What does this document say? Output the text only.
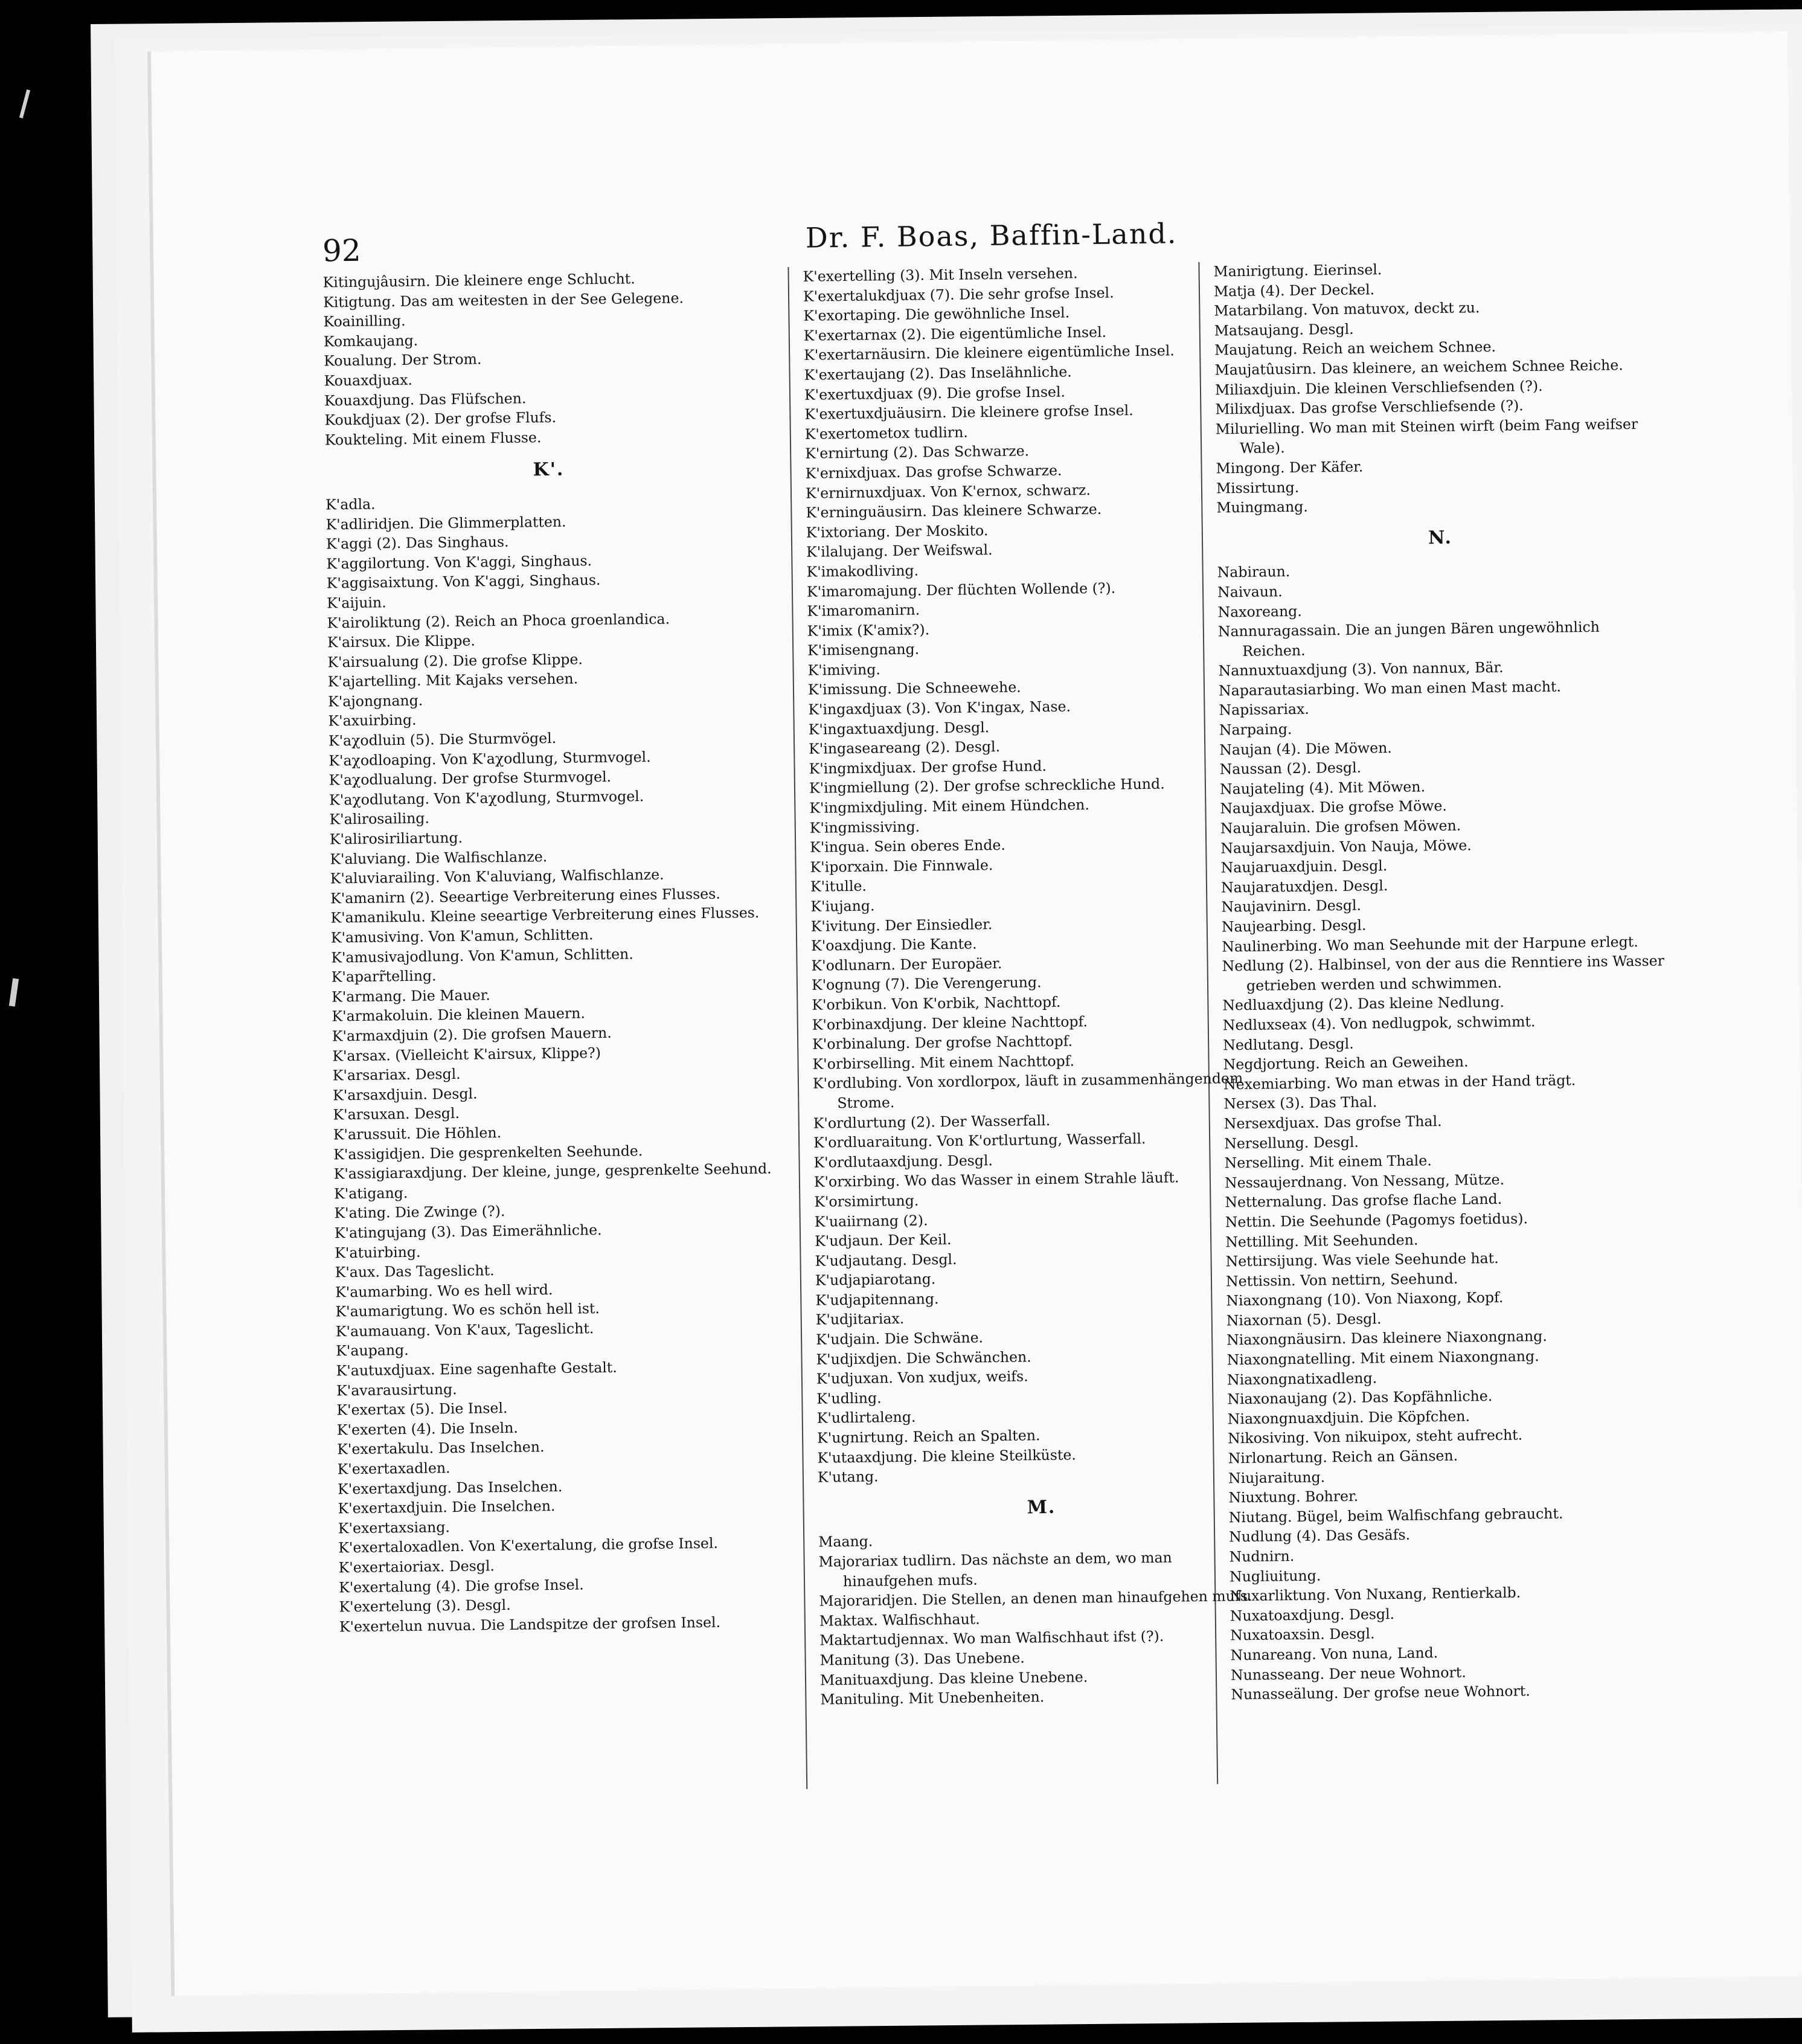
92	Dr. F. Boas, Baffin-Land.

Kitingujâusirn. Die kleinere enge Schlucht.

Kitigtung. Das am weitesten in der See Gelegene.

Koainilling.

Komkaujang.

Koualung. Der Strom.

Kouaxdjuax.

Kouaxdjung. Das Flüfschen.

Koukdjuax (2). Der grofse Flufs.

Koukteling. Mit einem Flusse.

K'.

K'adla.

K'adliridjen. Die Glimmerplatten.

K'aggi (2). Das Singhaus.

K'aggilortung. Von K'aggi, Singhaus.

K'aggisaixtung. Von K'aggi, Singhaus.

K'aijuin.

K'airoliktung (2). Reich an Phoca groenlandica.

K'airsux. Die Klippe.

K'airsualung (2). Die grofse Klippe.

K'ajartelling. Mit Kajaks versehen.

K'ajongnang.

K'axuirbing.

K'aχodluin (5). Die Sturmvögel.

K'aχodloaping. Von K'aχodlung, Sturmvogel.

K'aχodlualung. Der grofse Sturmvogel.

K'aχodlutang. Von K'aχodlung, Sturmvogel.

K'alirosailing.

K'alirosiriliartung.

K'aluviang. Die Walfischlanze.

K'aluviarailing. Von K'aluviang, Walfischlanze.

K'amanirn (2). Seeartige Verbreiterung eines Flusses.

K'amanikulu. Kleine seeartige Verbreiterung eines Flusses.

K'amusiving. Von K'amun, Schlitten.

K'amusivajodlung. Von K'amun, Schlitten.

K'aparr̃telling.

K'armang. Die Mauer.

K'armakoluin. Die kleinen Mauern.

K'armaxdjuin (2). Die grofsen Mauern.

K'arsax. (Vielleicht K'airsux, Klippe?)

K'arsariax. Desgl.

K'arsaxdjuin. Desgl.

K'arsuxan. Desgl.

K'arussuit. Die Höhlen.

K'assigidjen. Die gesprenkelten Seehunde.

K'assigiaraxdjung. Der kleine, junge, gesprenkelte Seehund.

K'atigang.

K'ating. Die Zwinge (?).

K'atingujang (3). Das Eimerähnliche.

K'atuirbing.

K'aux. Das Tageslicht.

K'aumarbing. Wo es hell wird.

K'aumarigtung. Wo es schön hell ist.

K'aumauang. Von K'aux, Tageslicht.

K'aupang.

K'autuxdjuax. Eine sagenhafte Gestalt.

K'avarausirtung.

K'exertax (5). Die Insel.

K'exerten (4). Die Inseln.

K'exertakulu. Das Inselchen.

K'exertaxadlen.

K'exertaxdjung. Das Inselchen.

K'exertaxdjuin. Die Inselchen.

K'exertaxsiang.

K'exertaloxadlen. Von K'exertalung, die grofse Insel.

K'exertaioriax. Desgl.

K'exertalung (4). Die grofse Insel.

K'exertelung (3). Desgl.

K'exertelun nuvua. Die Landspitze der grofsen Insel.

K'exertelling (3). Mit Inseln versehen.

K'exertalukdjuax (7). Die sehr grofse Insel.

K'exortaping. Die gewöhnliche Insel.

K'exertarnax (2). Die eigentümliche Insel.

K'exertarnäusirn. Die kleinere eigentümliche Insel.

K'exertaujang (2). Das Inselähnliche.

K'exertuxdjuax (9). Die grofse Insel.

K'exertuxdjuäusirn. Die kleinere grofse Insel.

K'exertometox tudlirn.

K'ernirtung (2). Das Schwarze.

K'ernixdjuax. Das grofse Schwarze.

K'ernirnuxdjuax. Von K'ernox, schwarz.

K'erninguäusirn. Das kleinere Schwarze.

K'ixtoriang. Der Moskito.

K'ilalujang. Der Weifswal.

K'imakodliving.

K'imaromajung. Der flüchten Wollende (?).

K'imaromanirn.

K'imix (K'amix?).

K'imisengnang.

K'imiving.

K'imissung. Die Schneewehe.

K'ingaxdjuax (3). Von K'ingax, Nase.

K'ingaxtuaxdjung. Desgl.

K'ingaseareang (2). Desgl.

K'ingmixdjuax. Der grofse Hund.

K'ingmiellung (2). Der grofse schreckliche Hund.

K'ingmixdjuling. Mit einem Hündchen.

K'ingmissiving.

K'ingua. Sein oberes Ende.

K'iporxain. Die Finnwale.

K'itulle.

K'iujang.

K'ivitung. Der Einsiedler.

K'oaxdjung. Die Kante.

K'odlunarn. Der Europäer.

K'ognung (7). Die Verengerung.

K'orbikun. Von K'orbik, Nachttopf.

K'orbinaxdjung. Der kleine Nachttopf.

K'orbinalung. Der grofse Nachttopf.

K'orbirselling. Mit einem Nachttopf.

K'ordlubing. Von xordlorpox, läuft in zusammenhängendem Strome.

K'ordlurtung (2). Der Wasserfall.

K'ordluaraitung. Von K'ortlurtung, Wasserfall.

K'ordlutaaxdjung. Desgl.

K'orxirbing. Wo das Wasser in einem Strahle läuft.

K'orsimirtung.

K'uaiirnang (2).

K'udjaun. Der Keil.

K'udjautang. Desgl.

K'udjapiarotang.

K'udjapitennang.

K'udjitariax.

K'udjain. Die Schwäne.

K'udjixdjen. Die Schwänchen.

K'udjuxan. Von xudjux, weifs.

K'udling.

K'udlirtaleng.

K'ugnirtung. Reich an Spalten.

K'utaaxdjung. Die kleine Steilküste.

K'utang.

M.

Maang.

Majorariax tudlirn. Das nächste an dem, wo man hinaufgehen mufs.

Majoraridjen. Die Stellen, an denen man hinaufgehen mufs.

Maktax. Walfischhaut.

Maktartudjennax. Wo man Walfischhaut ifst (?).

Manitung (3). Das Unebene.

Manituaxdjung. Das kleine Unebene.

Manituling. Mit Unebenheiten.

Manirigtung. Eierinsel.

Matja (4). Der Deckel.

Matarbilang. Von matuvox, deckt zu.

Matsaujang. Desgl.

Maujatung. Reich an weichem Schnee.

Maujatûusirn. Das kleinere, an weichem Schnee Reiche.

Miliaxdjuin. Die kleinen Verschliefsenden (?).

Milixdjuax. Das grofse Verschliefsende (?).

Milurielling. Wo man mit Steinen wirft (beim Fang weifser Wale).

Mingong. Der Käfer.

Missirtung.

Muingmang.

N.

Nabiraun.

Naivaun.

Naxoreang.

Nannuragassain. Die an jungen Bären ungewöhnlich Reichen.

Nannuxtuaxdjung (3). Von nannux, Bär.

Naparautasiarbing. Wo man einen Mast macht.

Napissariax.

Narpaing.

Naujan (4). Die Möwen.

Naussan (2). Desgl.

Naujateling (4). Mit Möwen.

Naujaxdjuax. Die grofse Möwe.

Naujaraluin. Die grofsen Möwen.

Naujarsaxdjuin. Von Nauja, Möwe.

Naujaruaxdjuin. Desgl.

Naujaratuxdjen. Desgl.

Naujavinirn. Desgl.

Naujearbing. Desgl.

Naulinerbing. Wo man Seehunde mit der Harpune erlegt.

Nedlung (2). Halbinsel, von der aus die Renntiere ins Wasser getrieben werden und schwimmen.

Nedluaxdjung (2). Das kleine Nedlung.

Nedluxseax (4). Von nedlugpok, schwimmt.

Nedlutang. Desgl.

Negdjortung. Reich an Geweihen.

Nexemiarbing. Wo man etwas in der Hand trägt.

Nersex (3). Das Thal.

Nersexdjuax. Das grofse Thal.

Nersellung. Desgl.

Nerselling. Mit einem Thale.

Nessaujerdnang. Von Nessang, Mütze.

Netternalung. Das grofse flache Land.

Nettin. Die Seehunde (Pagomys foetidus).

Nettilling. Mit Seehunden.

Nettirsijung. Was viele Seehunde hat.

Nettissin. Von nettirn, Seehund.

Niaxongnang (10). Von Niaxong, Kopf.

Niaxornan (5). Desgl.

Niaxongnäusirn. Das kleinere Niaxongnang.

Niaxongnatelling. Mit einem Niaxongnang.

Niaxongnatixadleng.

Niaxonaujang (2). Das Kopfähnliche.

Niaxongnuaxdjuin. Die Köpfchen.

Nikosiving. Von nikuipox, steht aufrecht.

Nirlonartung. Reich an Gänsen.

Niujaraitung.

Niuxtung. Bohrer.

Niutang. Bügel, beim Walfischfang gebraucht.

Nudlung (4). Das Gesäfs.

Nudnirn.

Nugliuitung.

Nuxarliktung. Von Nuxang, Rentierkalb.

Nuxatoaxdjung. Desgl.

Nuxatoaxsin. Desgl.

Nunareang. Von nuna, Land.

Nunasseang. Der neue Wohnort.

Nunasseälung. Der grofse neue Wohnort.
